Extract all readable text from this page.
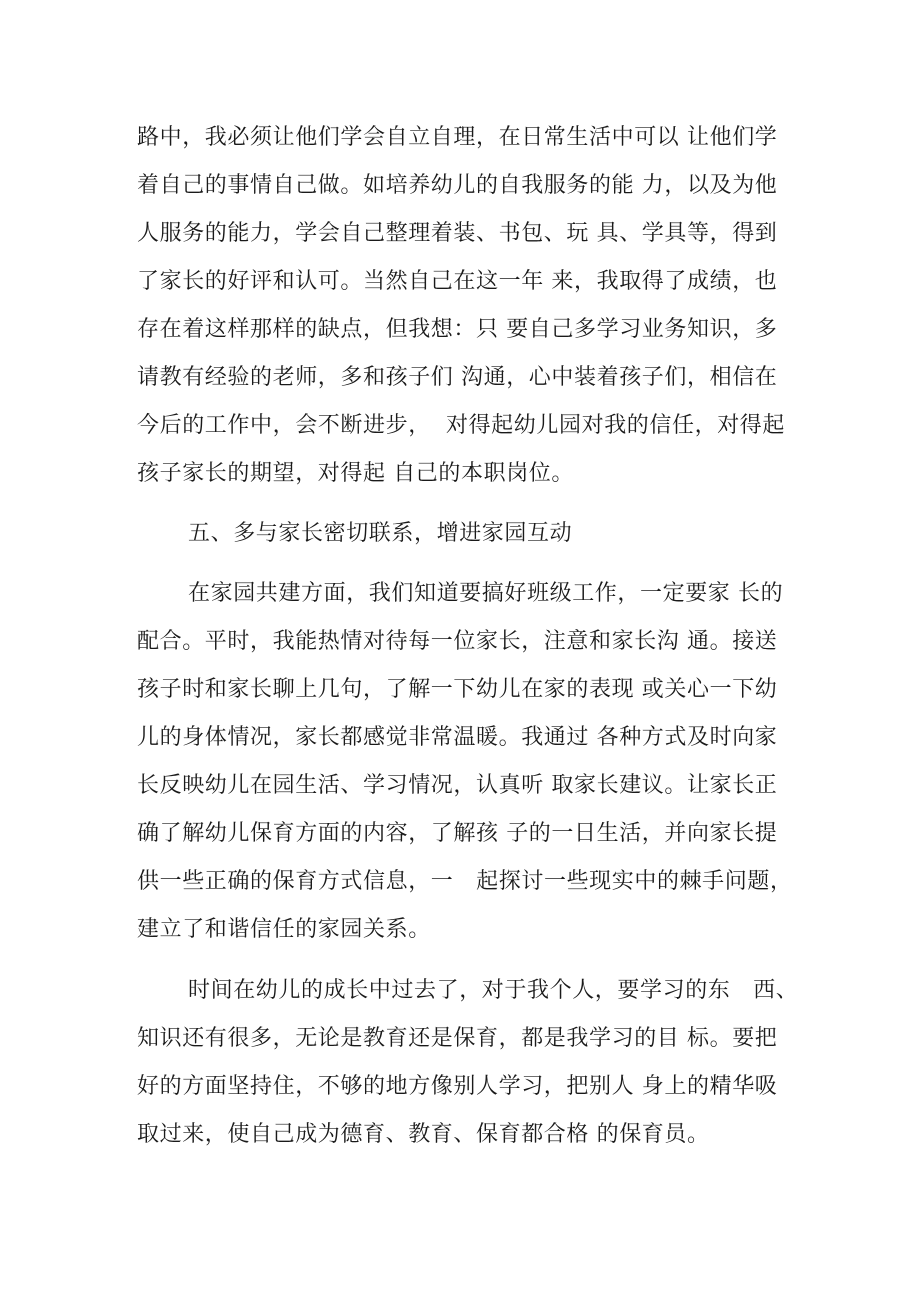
路中，我必须让他们学会自立自理，在日常生活中可以 让他们学
着自己的事情自己做。如培养幼儿的自我服务的能 力，以及为他
人服务的能力，学会自己整理着装、书包、玩 具、学具等，得到
了家长的好评和认可。当然自己在这一年 来，我取得了成绩，也
存在着这样那样的缺点，但我想：只 要自己多学习业务知识，多
请教有经验的老师，多和孩子们 沟通，心中装着孩子们，相信在
今后的工作中，会不断进步，  对得起幼儿园对我的信任，对得起
孩子家长的期望，对得起 自己的本职岗位。
五、多与家长密切联系，增进家园互动
在家园共建方面，我们知道要搞好班级工作，一定要家 长的
配合。平时，我能热情对待每一位家长，注意和家长沟 通。接送
孩子时和家长聊上几句，了解一下幼儿在家的表现 或关心一下幼
儿的身体情况，家长都感觉非常温暖。我通过 各种方式及时向家
长反映幼儿在园生活、学习情况，认真听 取家长建议。让家长正
确了解幼儿保育方面的内容，了解孩 子的一日生活，并向家长提
供一些正确的保育方式信息，一   起探讨一些现实中的棘手问题，
建立了和谐信任的家园关系。
时间在幼儿的成长中过去了，对于我个人，要学习的东   西、
知识还有很多，无论是教育还是保育，都是我学习的目 标。要把
好的方面坚持住，不够的地方像别人学习，把别人 身上的精华吸
取过来，使自己成为德育、教育、保育都合格 的保育员。
